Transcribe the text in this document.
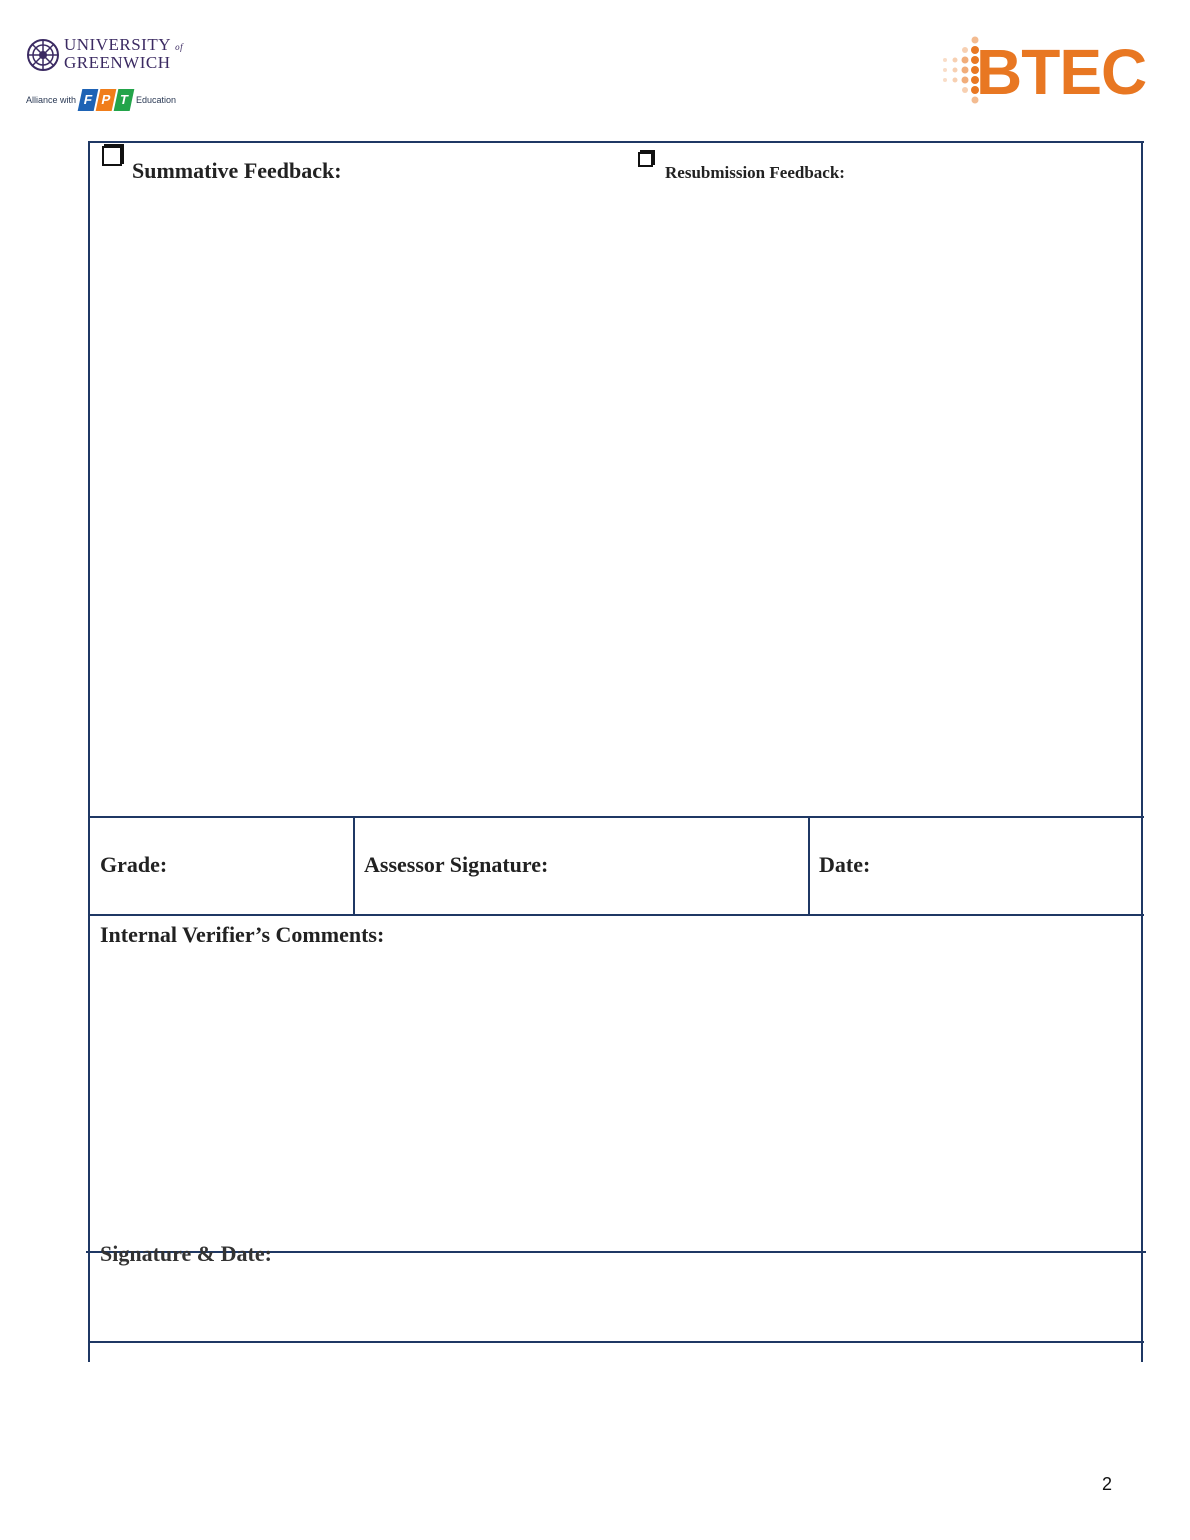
UNIVERSITY of
GREENWICH
Alliance with F P T Education	BTEC
Summative Feedback:	Resubmission Feedback:
Grade:	Assessor Signature:	Date:
Internal Verifier’s Comments:
Signature & Date:
2
